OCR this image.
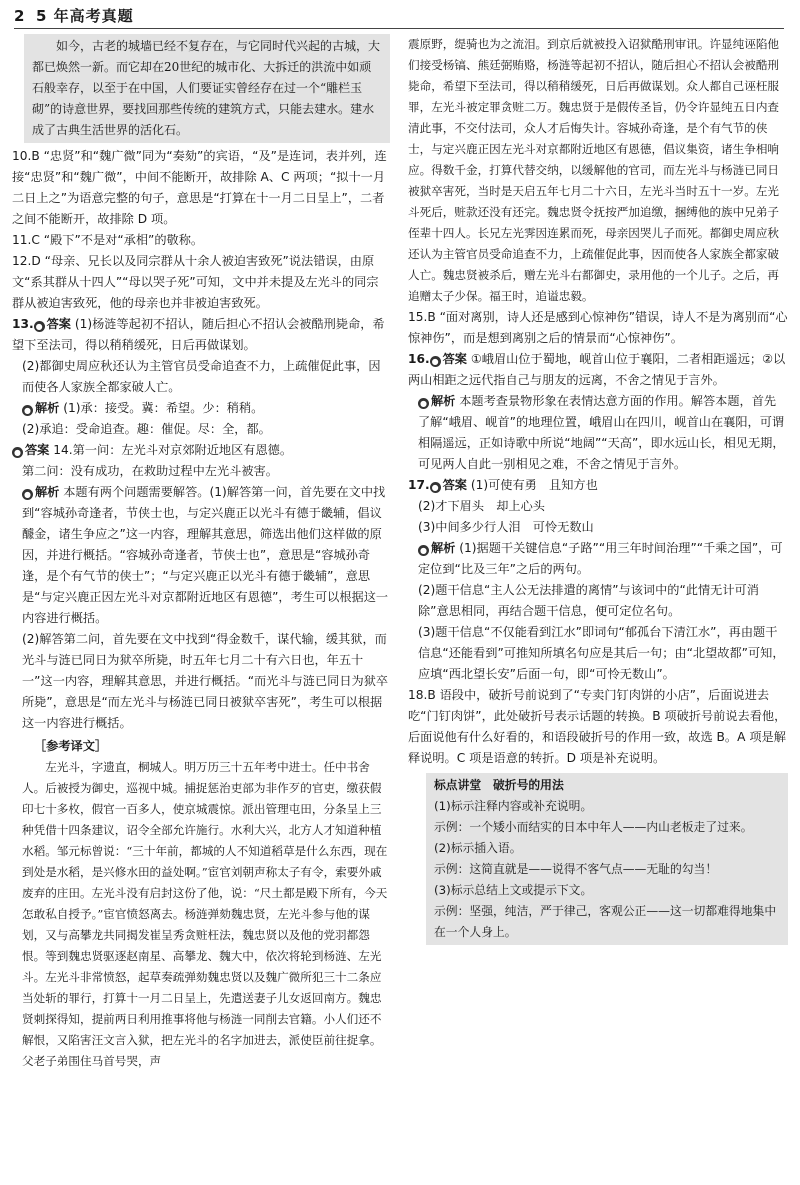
2 5 年高考真题

如今，古老的城墙已经不复存在，与它同时代兴起的古城，大都已焕然一新。而它却在20世纪的城市化、大拆迁的洪流中如顽石般幸存，以至于在中国，人们要证实曾经存在过一个“雕栏玉砌”的诗意世界，要找回那些传统的建筑方式，只能去建水。建水成了古典生活世界的活化石。

10.B “忠贤”和“魏广微”同为“奏劾”的宾语，“及”是连词，表并列，连接“忠贤”和“魏广微”，中间不能断开，故排除 A、C 两项；“拟十一月二日上之”为语意完整的句子，意思是“打算在十一月二日呈上”，二者之间不能断开，故排除 D 项。

11.C “殿下”不是对“承相”的敬称。

12.D “母亲、兄长以及同宗群从十余人被迫害致死”说法错误，由原文“系其群从十四人”“母以哭子死”可知，文中并未提及左光斗的同宗群从被迫害致死，他的母亲也并非被迫害致死。

13. ● 答案 (1)杨涟等起初不招认，随后担心不招认会被酷刑毙命，希望下至法司，得以稍稍缓死，日后再做谋划。

(2)都御史周应秋还认为主管官员受命追查不力，上疏催促此事，因而使各人家族全都家破人亡。

● 解析 (1)承：接受。冀：希望。少：稍稍。

(2)承追：受命追查。趣：催促。尽：全，都。

● 答案 14.第一问：左光斗对京郊附近地区有恩德。

第二问：没有成功，在救助过程中左光斗被害。

● 解析 本题有两个问题需要解答。(1)解答第一问，首先要在文中找到“容城孙奇逢者，节侠士也，与定兴鹿正以光斗有德于畿辅，倡议醵金，诸生争应之”这一内容，理解其意思，筛选出他们这样做的原因，并进行概括。“容城孙奇逢者，节侠士也”，意思是“容城孙奇逢，是个有气节的侠士”；“与定兴鹿正以光斗有德于畿辅”，意思是“与定兴鹿正因左光斗对京都附近地区有恩德”，考生可以根据这一内容进行概括。

(2)解答第二问，首先要在文中找到“得金数千，谋代输，缓其狱，而光斗与涟已同日为狱卒所毙，时五年七月二十有六日也，年五十一”这一内容，理解其意思，并进行概括。“而光斗与涟已同日为狱卒所毙”，意思是“而左光斗与杨涟已同日被狱卒害死”，考生可以根据这一内容进行概括。

［参考译文］

左光斗，字遗直，桐城人。明万历三十五年考中进士。任中书舍人。后被授为御史，巡视中城。捕捉惩治吏部为非作歹的官吏，缴获假印七十多枚，假官一百多人，使京城震惊。派出管理屯田，分条呈上三种凭借十四条建议，诏令全部允许施行。水利大兴，北方人才知道种植水稻。邹元标曾说：“三十年前，都城的人不知道稻草是什么东西，现在到处是水稻，是兴修水田的益处啊。”宦官刘朝声称太子有令，索要外戚废弃的庄田。左光斗没有启封这份了他，说：“尺土都是殿下所有，今天怎敢私自授予。”宦官愤怒离去。杨涟弹劾魏忠贤，左光斗参与他的谋划，又与高攀龙共同揭发崔呈秀贪赃枉法，魏忠贤以及他的党羽都怨恨。等到魏忠贤驱逐赵南星、高攀龙、魏大中，依次将轮到杨涟、左光斗。左光斗非常愤怒，起草奏疏弹劾魏忠贤以及魏广微所犯三十二条应当处斩的罪行，打算十一月二日呈上，先遣送妻子儿女返回南方。魏忠贤刺探得知，提前两日利用推事将他与杨涟一同削去官籍。小人们还不解恨，又陷害汪文言入狱，把左光斗的名字加进去，派使臣前往捉拿。父老子弟围住马首号哭，声

震原野，缇骑也为之流泪。到京后就被投入诏狱酷刑审讯。许显纯诬陷他们接受杨镐、熊廷弼贿赂，杨涟等起初不招认，随后担心不招认会被酷刑毙命，希望下至法司，得以稍稍缓死，日后再做谋划。众人都自己诬枉服罪，左光斗被定罪贪赃二万。魏忠贤于是假传圣旨，仍令许显纯五日内查清此事，不交付法司，众人才后悔失计。容城孙奇逢，是个有气节的侠士，与定兴鹿正因左光斗对京都附近地区有恩德，倡议集资，诸生争相响应。得数千金，打算代替交纳，以缓解他的官司，而左光斗与杨涟已同日被狱卒害死，当时是天启五年七月二十六日，左光斗当时五十一岁。左光斗死后，赃款还没有还完。魏忠贤令抚按严加追缴，捆缚他的族中兄弟子侄辈十四人。长兄左光霁因连累而死，母亲因哭儿子而死。都御史周应秋还认为主管官员受命追查不力，上疏催促此事，因而使各人家族全都家破人亡。魏忠贤被杀后，赠左光斗右都御史，录用他的一个儿子。之后，再追赠太子少保。福王时，追谥忠毅。

15.B “面对离别，诗人还是感到心惊神伤”错误，诗人不是为离别而“心惊神伤”，而是想到离别之后的情景而“心惊神伤”。

16. ● 答案 ①峨眉山位于蜀地，岘首山位于襄阳，二者相距遥远；②以两山相距之远代指自己与朋友的远离，不舍之情见于言外。

● 解析 本题考查景物形象在表情达意方面的作用。解答本题，首先了解“峨眉、岘首”的地理位置，峨眉山在四川，岘首山在襄阳，可谓相隔遥远，正如诗歌中所说“地阔”“天高”，即水远山长，相见无期，可见两人自此一别相见之难，不舍之情见于言外。

17. ● 答案 (1)可使有勇　且知方也

(2)才下眉头　却上心头

(3)中间多少行人泪　可怜无数山

● 解析 (1)据题干关键信息“子路”“用三年时间治理”“千乘之国”，可定位到“比及三年”之后的两句。

(2)题干信息“主人公无法排遣的离情”与该词中的“此情无计可消除”意思相同，再结合题干信息，便可定位名句。

(3)题干信息“不仅能看到江水”即词句“郁孤台下清江水”，再由题干信息“还能看到”可推知所填名句应是其后一句；由“北望故都”可知，应填“西北望长安”后面一句，即“可怜无数山”。

18.B 语段中，破折号前说到了“专卖门钉肉饼的小店”，后面说进去吃“门钉肉饼”，此处破折号表示话题的转换。B 项破折号前说去看他，后面说他有什么好看的，和语段破折号的作用一致，故选 B。A 项是解释说明。C 项是语意的转折。D 项是补充说明。

标点讲堂　破折号的用法

(1)标示注释内容或补充说明。

示例：一个矮小而结实的日本中年人——内山老板走了过来。

(2)标示插入语。

示例：这简直就是——说得不客气点——无耻的勾当！

(3)标示总结上文或提示下文。

示例：坚强，纯洁，严于律己，客观公正——这一切都难得地集中在一个人身上。
